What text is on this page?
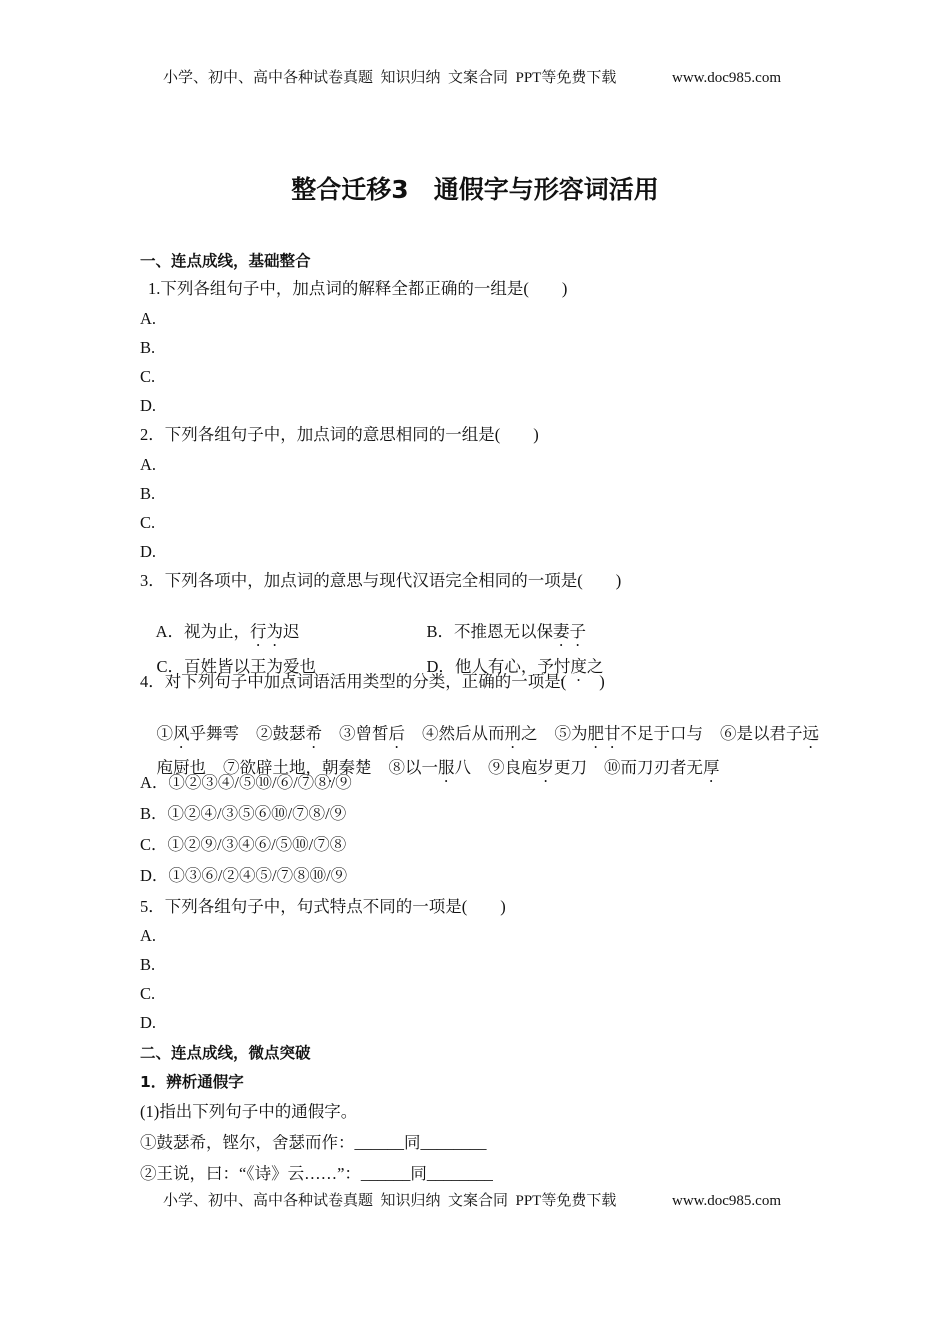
小学、初中、高中各种试卷真题  知识归纳  文案合同  PPT等免费下载

	www.doc985.com

整合迁移3　通假字与形容词活用
一、连点成线，基础整合
1.下列各组句子中，加点词的解释全都正确的一组是(　　)
A.
B.
C.
D.
2．下列各组句子中，加点词的意思相同的一组是(　　)
A.
B.
C.
D.
3．下列各项中，加点词的意思与现代汉语完全相同的一项是(　　)

A．视为止，行为迟
	B．不推恩无以保妻子

C．百姓皆以王为爱也
	D．他人有心，予忖度之

4．对下列句子中加点词语活用类型的分类，正确的一项是(　　)

①风乎舞雩 ②鼓瑟希 ③曾皙后 ④然后从而刑之 ⑤为肥甘不足于口与 ⑥是以君子远

庖厨也 ⑦欲辟土地，朝秦楚 ⑧以一服八 ⑨良庖岁更刀 ⑩而刀刃者无厚

A．①②③④/⑤⑩/⑥/⑦⑧/⑨
B．①②④/③⑤⑥⑩/⑦⑧/⑨
C．①②⑨/③④⑥/⑤⑩/⑦⑧
D．①③⑥/②④⑤/⑦⑧⑩/⑨
5．下列各组句子中，句式特点不同的一项是(　　)
A.
B.
C.
D.
二、连点成线，微点突破
1．辨析通假字
(1)指出下列句子中的通假字。
①鼓瑟希，铿尔，舍瑟而作：______同________
②王说，曰：“《诗》云……”：______同________

小学、初中、高中各种试卷真题  知识归纳  文案合同  PPT等免费下载

	www.doc985.com
